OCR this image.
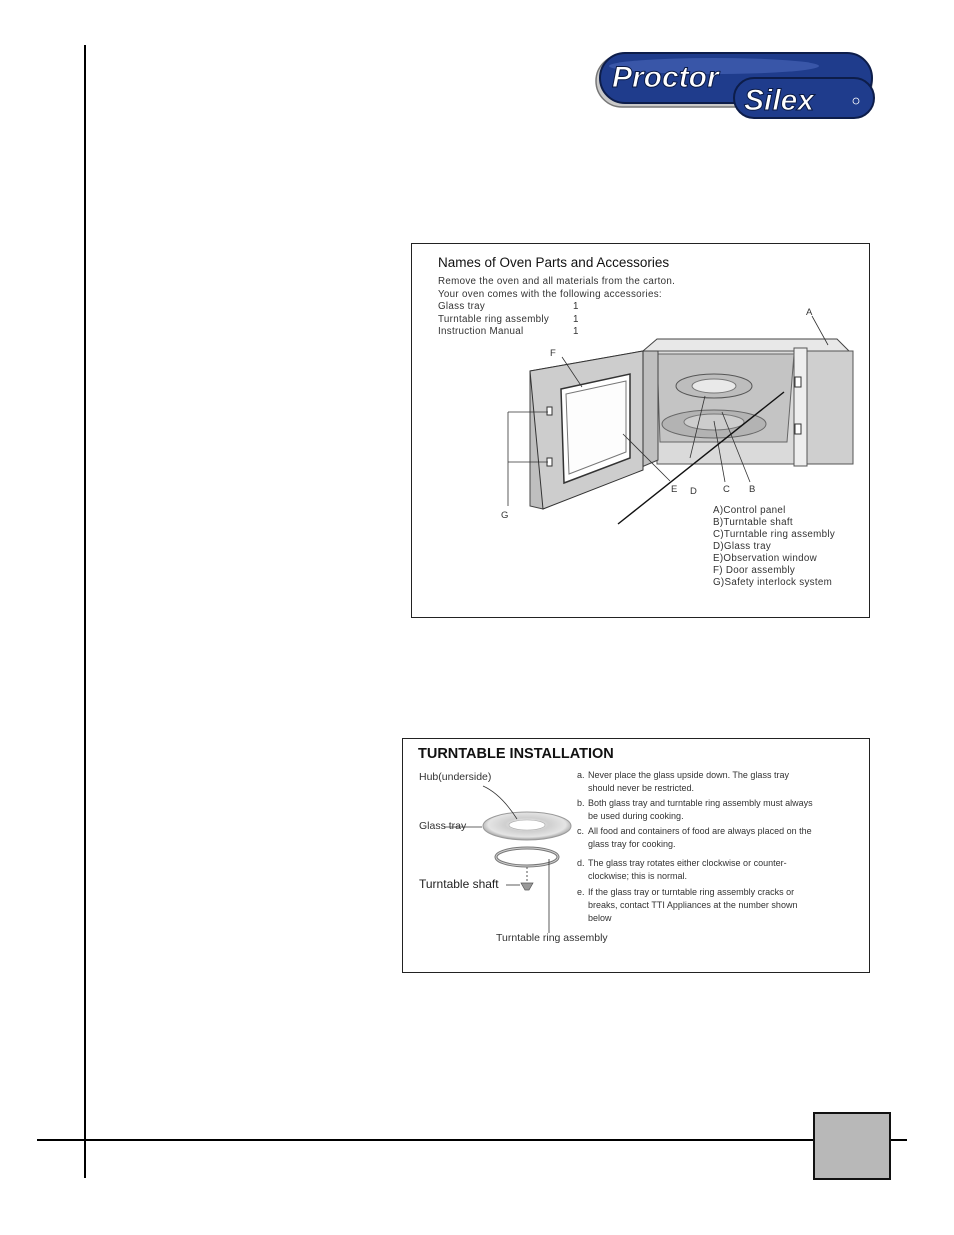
Proctor
Silex
Names of Oven Parts and Accessories
Remove the oven and all materials from the carton.
Your oven comes with the following accessories:
Glass tray	1
Turntable ring assembly 1
Instruction Manual	1
A
B
C
D
E
F
G	A)Control panel
B)Turntable shaft
C)Turntable ring assembly
D)Glass tray
E)Observation window
F) Door assembly
G)Safety interlock system
TURNTABLE INSTALLATION
Hub(underside)
Glass tray
Turntable shaft
Turntable ring assembly
a. Never place the glass upside down. The glass tray should never be restricted.
b. Both glass tray and turntable ring assembly must always be used during cooking.
c. All food and containers of food are always placed on the glass tray for cooking.
d. The glass tray rotates either clockwise or counter-clockwise; this is normal.
e. If the glass tray or turntable ring assembly cracks or breaks, contact TTI Appliances at the number shown below
